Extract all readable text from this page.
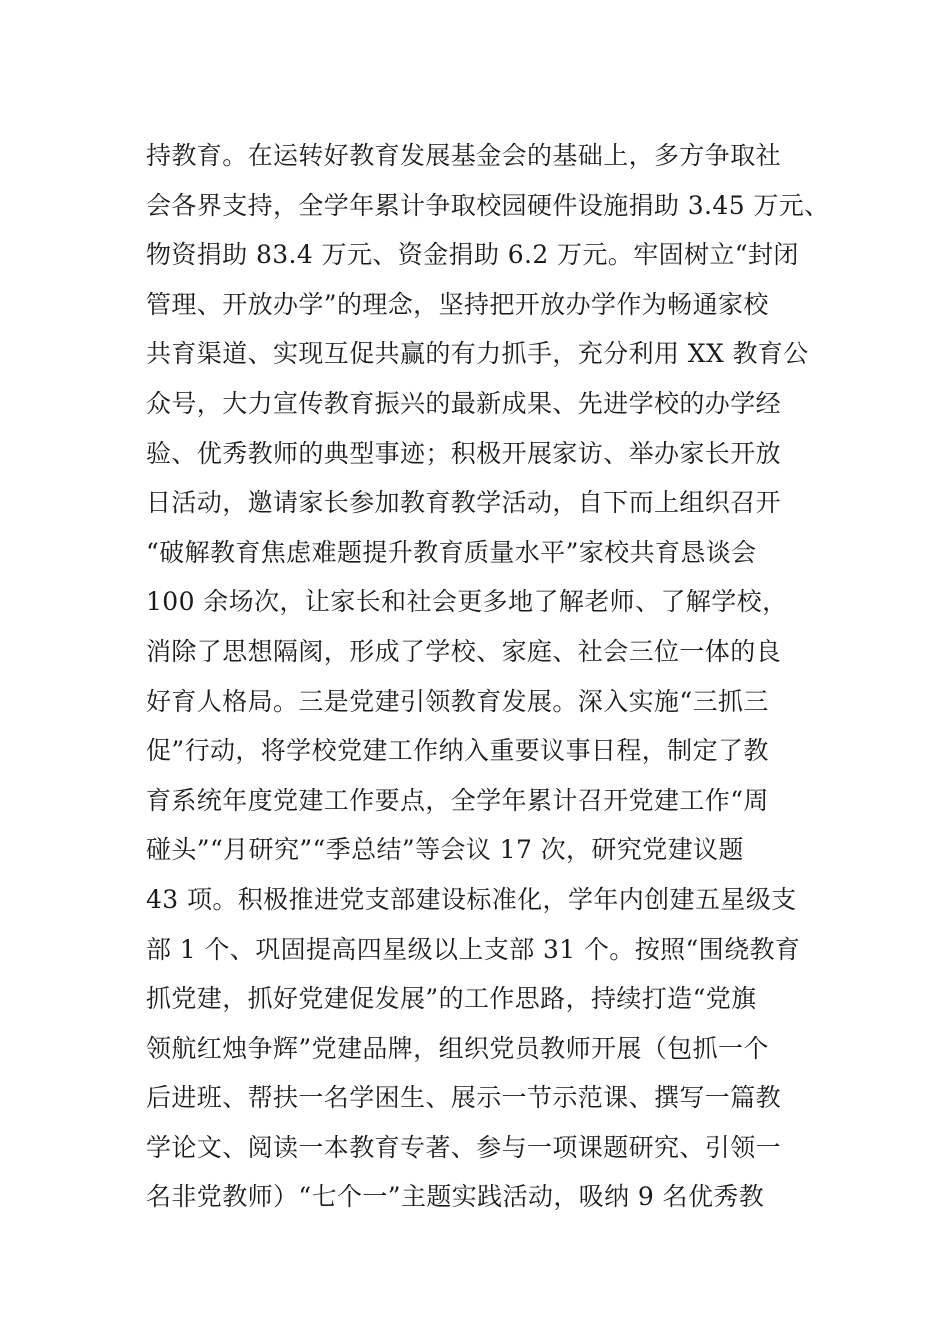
持教育。在运转好教育发展基金会的基础上，多方争取社
会各界支持，全学年累计争取校园硬件设施捐助 3.45 万元、
物资捐助 83.4 万元、资金捐助 6.2 万元。牢固树立“封闭
管理、开放办学”的理念，坚持把开放办学作为畅通家校
共育渠道、实现互促共赢的有力抓手，充分利用 XX 教育公
众号，大力宣传教育振兴的最新成果、先进学校的办学经
验、优秀教师的典型事迹；积极开展家访、举办家长开放
日活动，邀请家长参加教育教学活动，自下而上组织召开
“破解教育焦虑难题提升教育质量水平”家校共育恳谈会
100 余场次，让家长和社会更多地了解老师、了解学校，
消除了思想隔阂，形成了学校、家庭、社会三位一体的良
好育人格局。三是党建引领教育发展。深入实施“三抓三
促”行动，将学校党建工作纳入重要议事日程，制定了教
育系统年度党建工作要点，全学年累计召开党建工作“周
碰头”“月研究”“季总结”等会议 17 次，研究党建议题
43 项。积极推进党支部建设标准化，学年内创建五星级支
部 1 个、巩固提高四星级以上支部 31 个。按照“围绕教育
抓党建，抓好党建促发展”的工作思路，持续打造“党旗
领航红烛争辉”党建品牌，组织党员教师开展（包抓一个
后进班、帮扶一名学困生、展示一节示范课、撰写一篇教
学论文、阅读一本教育专著、参与一项课题研究、引领一
名非党教师）“七个一”主题实践活动，吸纳 9 名优秀教
